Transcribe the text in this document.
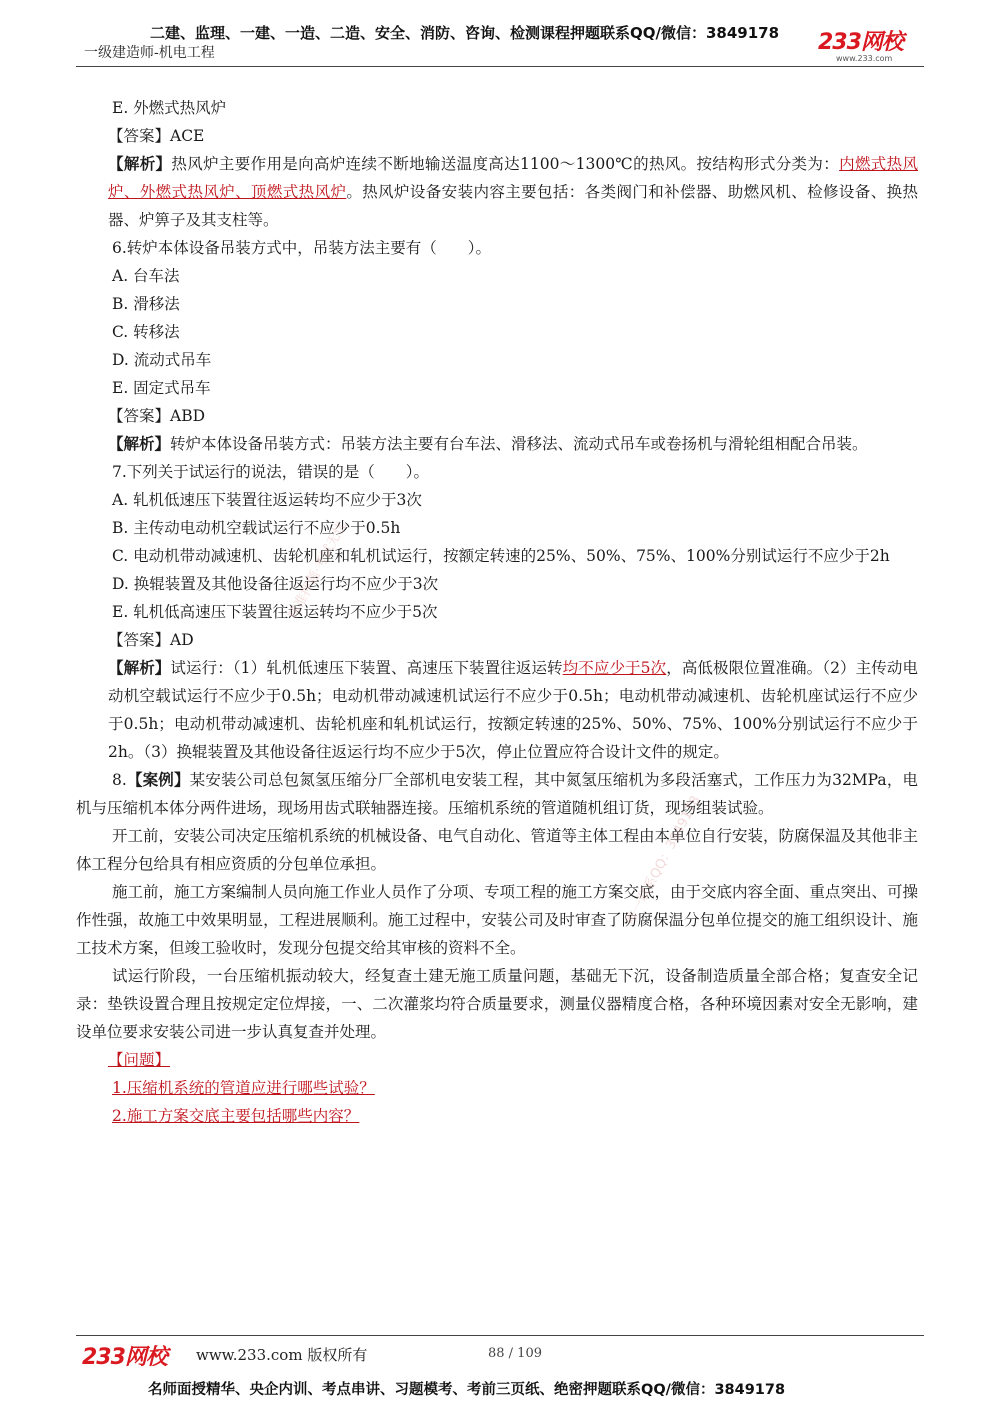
二建、监理、一建、一造、二造、安全、消防、咨询、检测课程押题联系QQ/微信：3849178
一级建造师-机电工程	233网校
www.233.com

E. 外燃式热风炉

【答案】ACE

【解析】热风炉主要作用是向高炉连续不断地输送温度高达1100～1300℃的热风。按结构形式分类为：内燃式热风炉、外燃式热风炉、顶燃式热风炉。热风炉设备安装内容主要包括：各类阀门和补偿器、助燃风机、检修设备、换热器、炉箅子及其支柱等。

6.转炉本体设备吊装方式中，吊装方法主要有（　　）。

A. 台车法

B. 滑移法

C. 转移法

D. 流动式吊车

E. 固定式吊车

【答案】ABD

【解析】转炉本体设备吊装方式：吊装方法主要有台车法、滑移法、流动式吊车或卷扬机与滑轮组相配合吊装。

7.下列关于试运行的说法，错误的是（　　）。

A. 轧机低速压下装置往返运转均不应少于3次

B. 主传动电动机空载试运行不应少于0.5h

C. 电动机带动减速机、齿轮机座和轧机试运行，按额定转速的25%、50%、75%、100%分别试运行不应少于2h

D. 换辊装置及其他设备往返运行均不应少于3次

E. 轧机低高速压下装置往返运转均不应少于5次

【答案】AD

【解析】试运行：（1）轧机低速压下装置、高速压下装置往返运转均不应少于5次，高低极限位置准确。（2）主传动电动机空载试运行不应少于0.5h；电动机带动减速机试运行不应少于0.5h；电动机带动减速机、齿轮机座试运行不应少于0.5h；电动机带动减速机、齿轮机座和轧机试运行，按额定转速的25%、50%、75%、100%分别试运行不应少于2h。（3）换辊装置及其他设备往返运行均不应少于5次，停止位置应符合设计文件的规定。

8.【案例】某安装公司总包氮氢压缩分厂全部机电安装工程，其中氮氢压缩机为多段活塞式，工作压力为32MPa，电机与压缩机本体分两件进场，现场用齿式联轴器连接。压缩机系统的管道随机组订货，现场组装试验。

开工前，安装公司决定压缩机系统的机械设备、电气自动化、管道等主体工程由本单位自行安装，防腐保温及其他非主体工程分包给具有相应资质的分包单位承担。

施工前，施工方案编制人员向施工作业人员作了分项、专项工程的施工方案交底，由于交底内容全面、重点突出、可操作性强，故施工中效果明显，工程进展顺利。施工过程中，安装公司及时审查了防腐保温分包单位提交的施工组织设计、施工技术方案，但竣工验收时，发现分包提交给其审核的资料不全。

试运行阶段，一台压缩机振动较大，经复查土建无施工质量问题，基础无下沉，设备制造质量全部合格；复查安全记录：垫铁设置合理且按规定定位焊接，一、二次灌浆均符合质量要求，测量仪器精度合格，各种环境因素对安全无影响，建设单位要求安装公司进一步认真复查并处理。

【问题】

1.压缩机系统的管道应进行哪些试验？

2.施工方案交底主要包括哪些内容？

精准押题·考试无忧
唯一联系QQ：3849178
233网校 www.233.com 版权所有	88 / 109
名师面授精华、央企内训、考点串讲、习题模考、考前三页纸、绝密押题联系QQ/微信：3849178
